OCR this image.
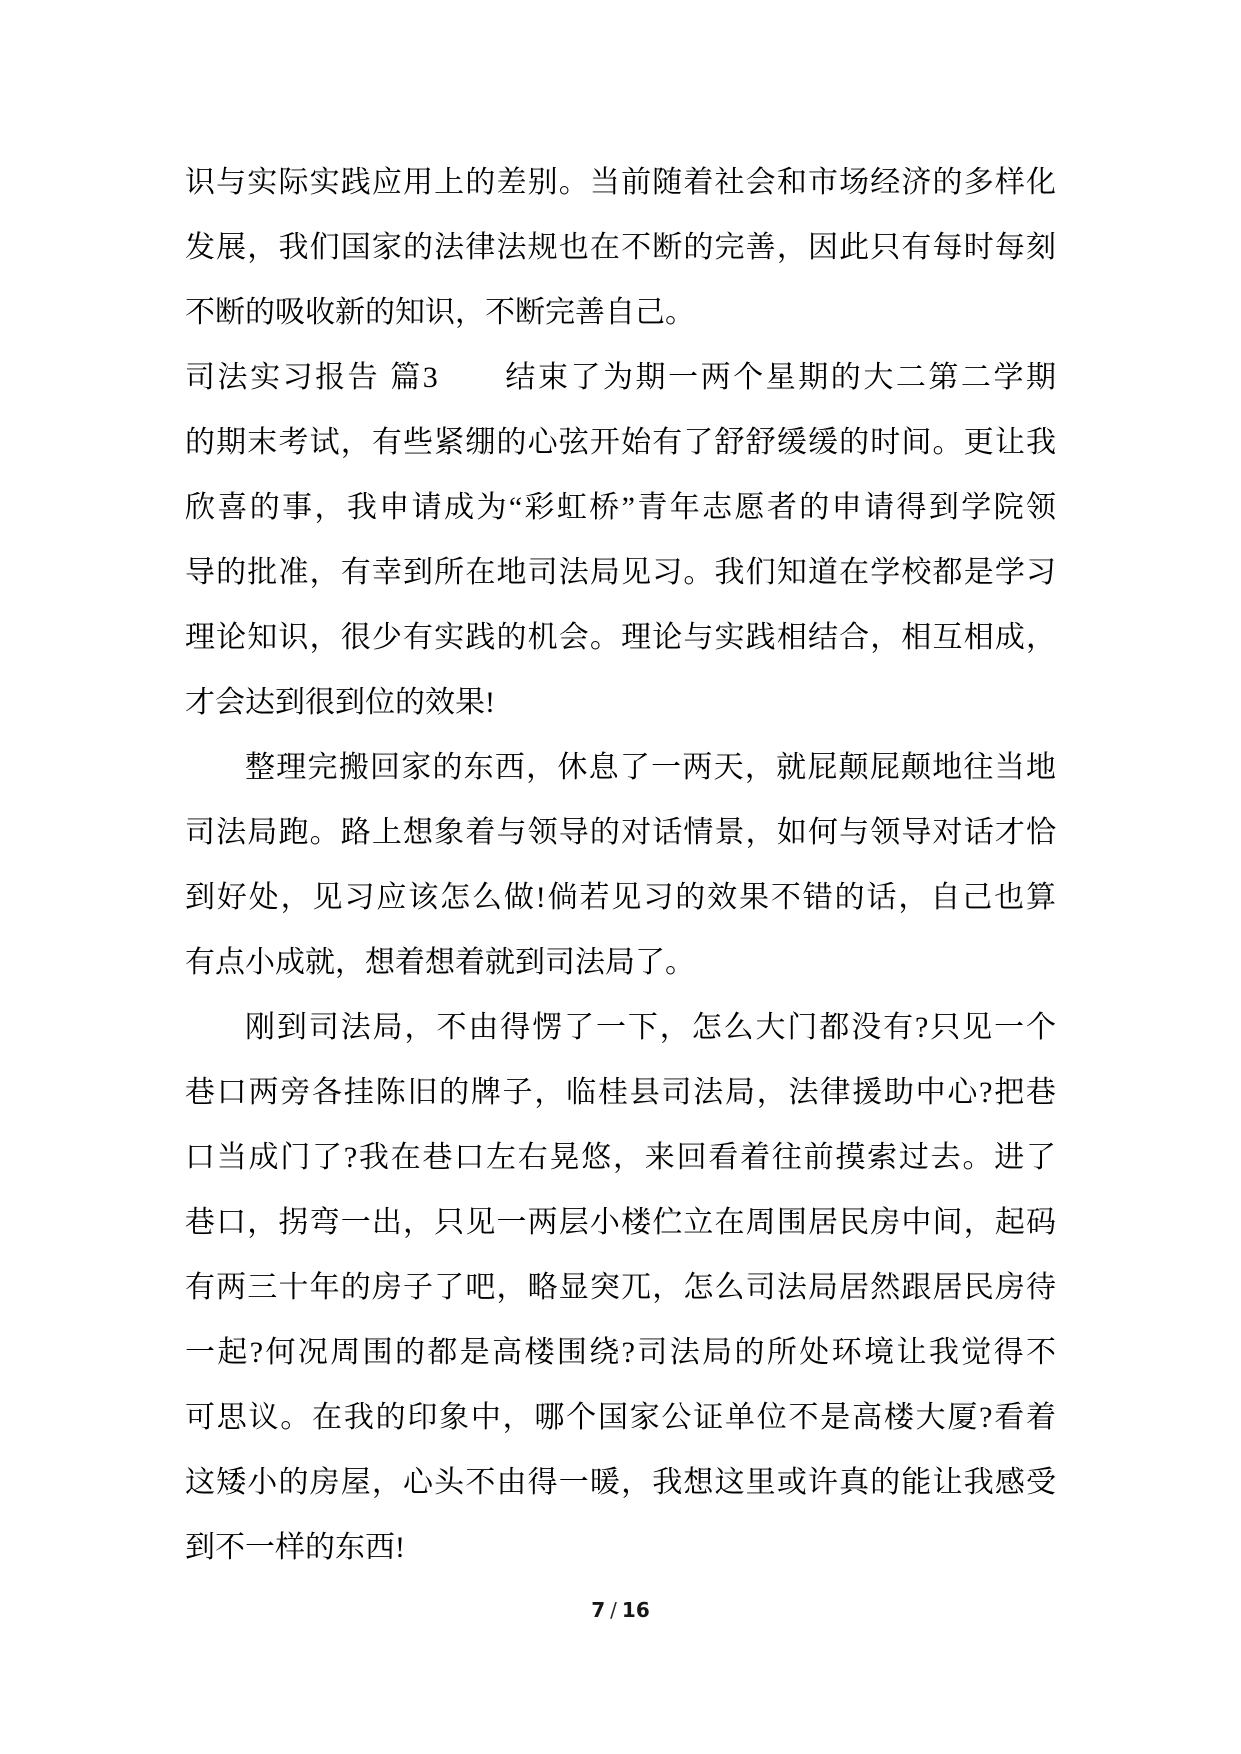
识与实际实践应用上的差别。当前随着社会和市场经济的多样化
发展，我们国家的法律法规也在不断的完善，因此只有每时每刻
不断的吸收新的知识，不断完善自己。
司法实习报告 篇3　　结束了为期一两个星期的大二第二学期
的期末考试，有些紧绷的心弦开始有了舒舒缓缓的时间。更让我
欣喜的事，我申请成为“彩虹桥”青年志愿者的申请得到学院领
导的批准，有幸到所在地司法局见习。我们知道在学校都是学习
理论知识，很少有实践的机会。理论与实践相结合，相互相成，
才会达到很到位的效果!
整理完搬回家的东西，休息了一两天，就屁颠屁颠地往当地
司法局跑。路上想象着与领导的对话情景，如何与领导对话才恰
到好处，见习应该怎么做!倘若见习的效果不错的话，自己也算
有点小成就，想着想着就到司法局了。
刚到司法局，不由得愣了一下，怎么大门都没有?只见一个
巷口两旁各挂陈旧的牌子，临桂县司法局，法律援助中心?把巷
口当成门了?我在巷口左右晃悠，来回看着往前摸索过去。进了
巷口，拐弯一出，只见一两层小楼伫立在周围居民房中间，起码
有两三十年的房子了吧，略显突兀，怎么司法局居然跟居民房待
一起?何况周围的都是高楼围绕?司法局的所处环境让我觉得不
可思议。在我的印象中，哪个国家公证单位不是高楼大厦?看着
这矮小的房屋，心头不由得一暖，我想这里或许真的能让我感受
到不一样的东西!
7 / 16
